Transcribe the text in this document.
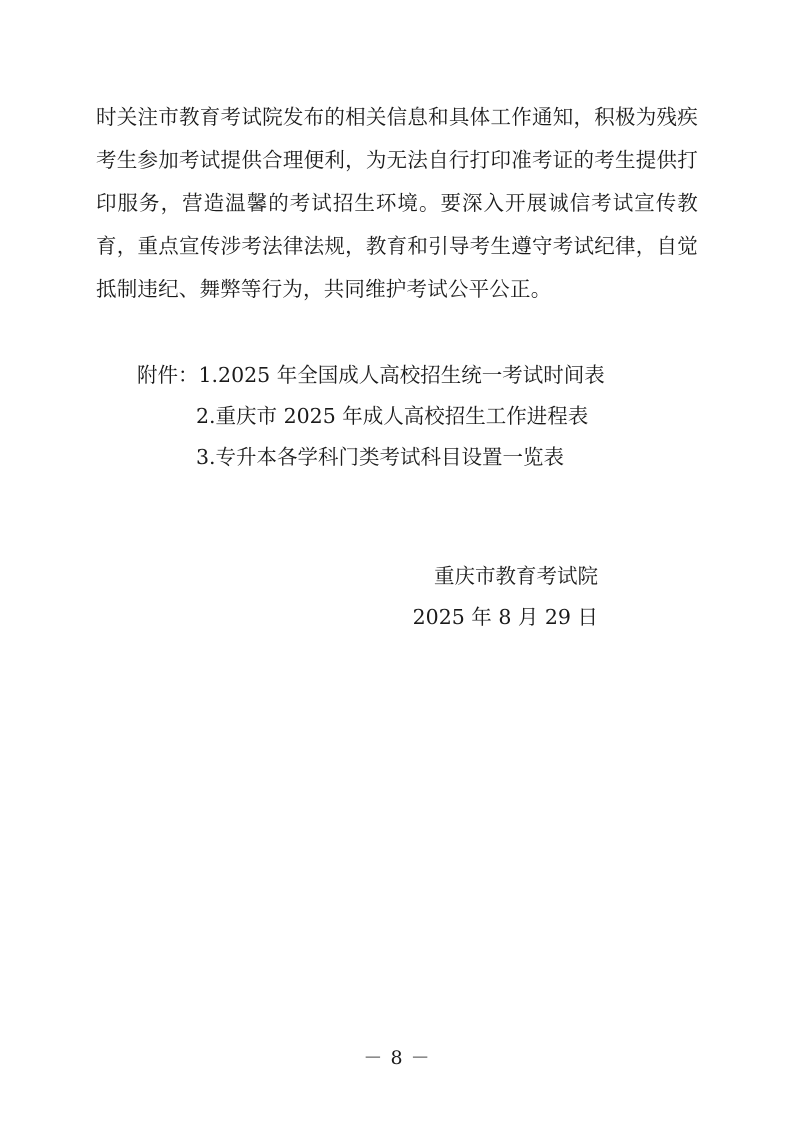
时关注市教育考试院发布的相关信息和具体工作通知，积极为残疾考生参加考试提供合理便利，为无法自行打印准考证的考生提供打印服务，营造温馨的考试招生环境。要深入开展诚信考试宣传教育，重点宣传涉考法律法规，教育和引导考生遵守考试纪律，自觉抵制违纪、舞弊等行为，共同维护考试公平公正。

附件：1.2025 年全国成人高校招生统一考试时间表
2.重庆市 2025 年成人高校招生工作进程表
3.专升本各学科门类考试科目设置一览表
重庆市教育考试院
2025 年 8 月 29 日
－ 8 －
